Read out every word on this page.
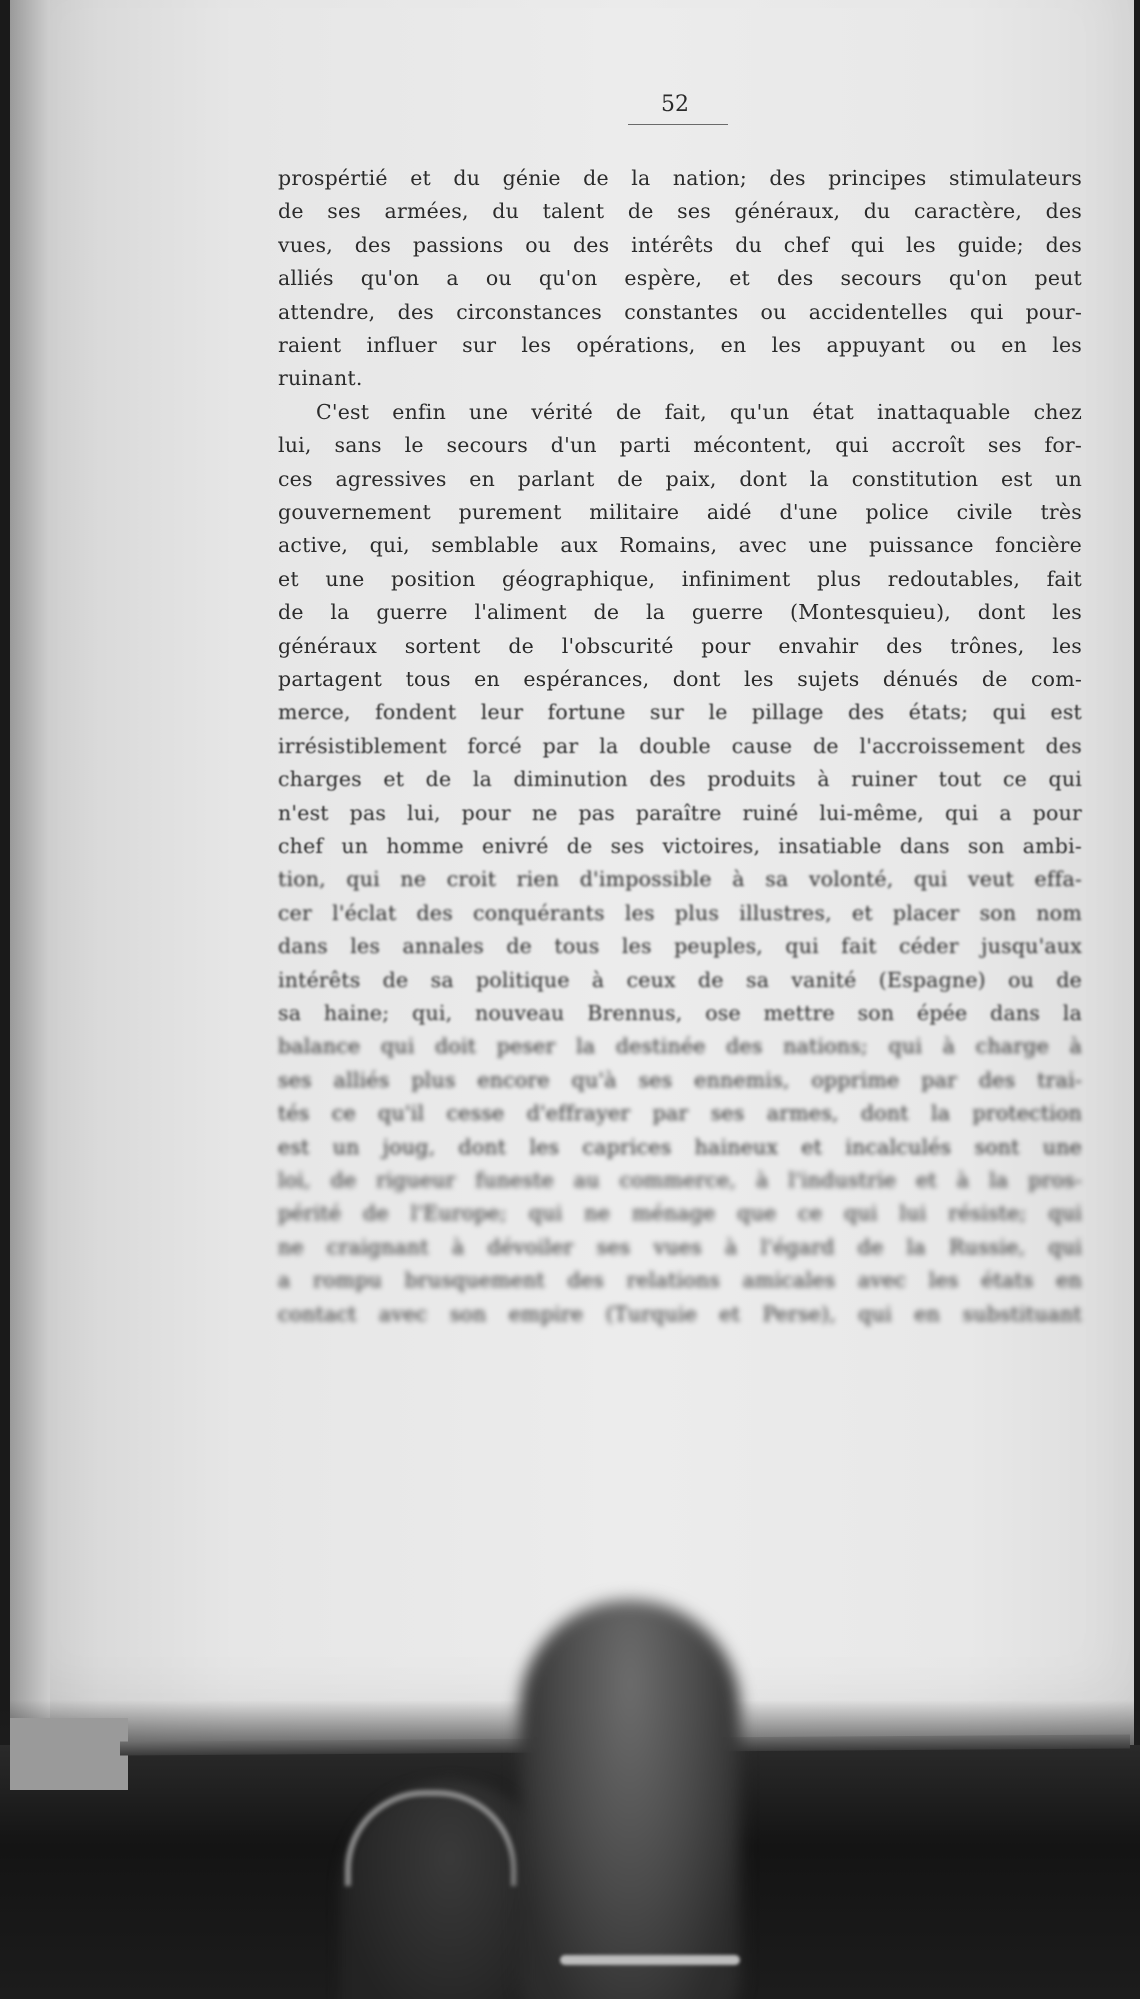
52
prospértié et du génie de la nation; des principes stimulateurs
de ses armées, du talent de ses généraux, du caractère, des
vues, des passions ou des intérêts du chef qui les guide; des
alliés qu'on a ou qu'on espère, et des secours qu'on peut
attendre, des circonstances constantes ou accidentelles qui pour-
raient influer sur les opérations, en les appuyant ou en les
ruinant.
C'est enfin une vérité de fait, qu'un état inattaquable chez
lui, sans le secours d'un parti mécontent, qui accroît ses for-
ces agressives en parlant de paix, dont la constitution est un
gouvernement purement militaire aidé d'une police civile très
active, qui, semblable aux Romains, avec une puissance foncière
et une position géographique, infiniment plus redoutables, fait
de la guerre l'aliment de la guerre (Montesquieu), dont les
généraux sortent de l'obscurité pour envahir des trônes, les
partagent tous en espérances, dont les sujets dénués de com-
merce, fondent leur fortune sur le pillage des états; qui est
irrésistiblement forcé par la double cause de l'accroissement des
charges et de la diminution des produits à ruiner tout ce qui
n'est pas lui, pour ne pas paraître ruiné lui-même, qui a pour
chef un homme enivré de ses victoires, insatiable dans son ambi-
tion, qui ne croit rien d'impossible à sa volonté, qui veut effa-
cer l'éclat des conquérants les plus illustres, et placer son nom
dans les annales de tous les peuples, qui fait céder jusqu'aux
intérêts de sa politique à ceux de sa vanité (Espagne) ou de
sa haine; qui, nouveau Brennus, ose mettre son épée dans la
balance qui doit peser la destinée des nations; qui à charge à
ses alliés plus encore qu'à ses ennemis, opprime par des trai-
tés ce qu'il cesse d'effrayer par ses armes, dont la protection
est un joug, dont les caprices haineux et incalculés sont une
loi, de rigueur funeste au commerce, à l'industrie et à la pros-
périté de l'Europe; qui ne ménage que ce qui lui résiste; qui
ne craignant à dévoiler ses vues à l'égard de la Russie, qui
a rompu brusquement des relations amicales avec les états en
contact avec son empire (Turquie et Perse), qui en substituant
